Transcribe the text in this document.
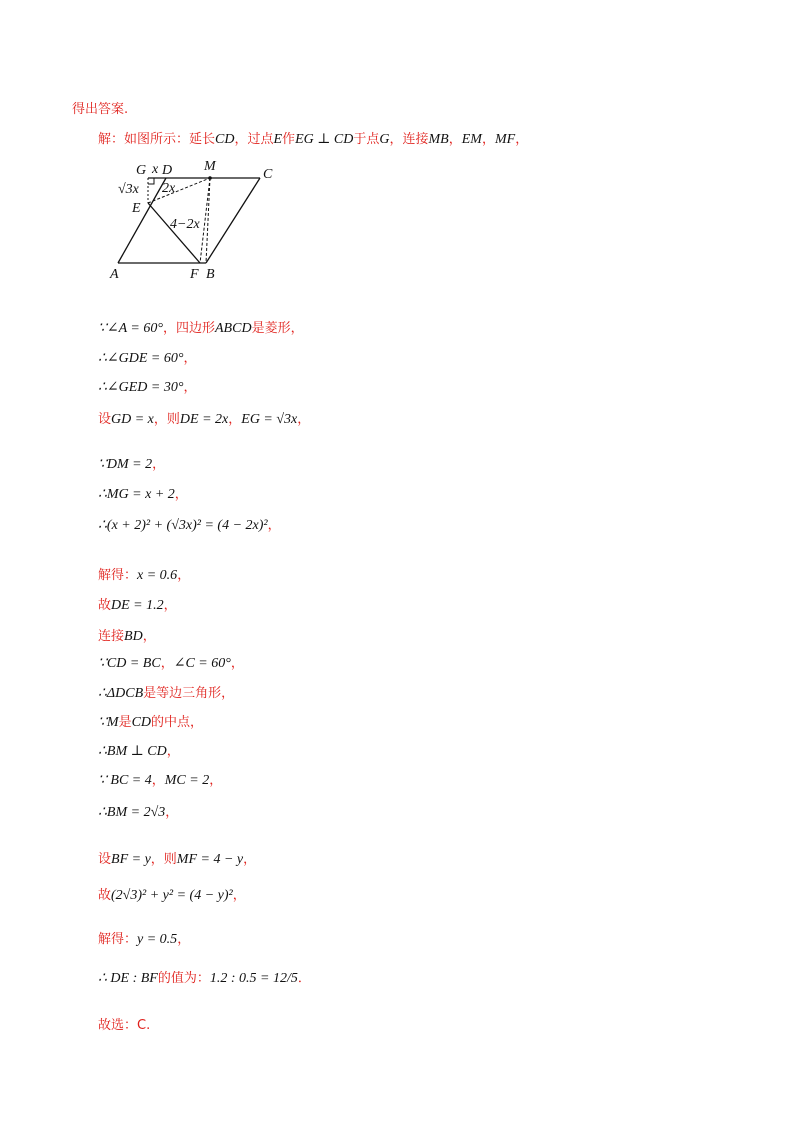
得出答案.
解：如图所示：延长CD，过点E作EG ⊥ CD于点G，连接MB，EM，MF，
∵∠A = 60°，四边形ABCD是菱形，
∴∠GDE = 60°，
∴∠GED = 30°，
设GD = x，则DE = 2x，EG = √3x，
∵DM = 2，
∴MG = x + 2，
∴(x + 2)² + (√3x)² = (4 − 2x)²，
解得：x = 0.6，
故DE = 1.2，
连接BD，
∵CD = BC，∠C = 60°，
∴ΔDCB是等边三角形，
∵M是CD的中点，
∴BM ⊥ CD，
∵ BC = 4，MC = 2，
∴BM = 2√3，
设BF = y，则MF = 4 − y，
故(2√3)² + y² = (4 − y)²，
解得：y = 0.5，
∴ DE : BF的值为：1.2 : 0.5 = 12/5．
故选：C.
G x D M
C
√3x 2x
E
4−2x
A	F B
